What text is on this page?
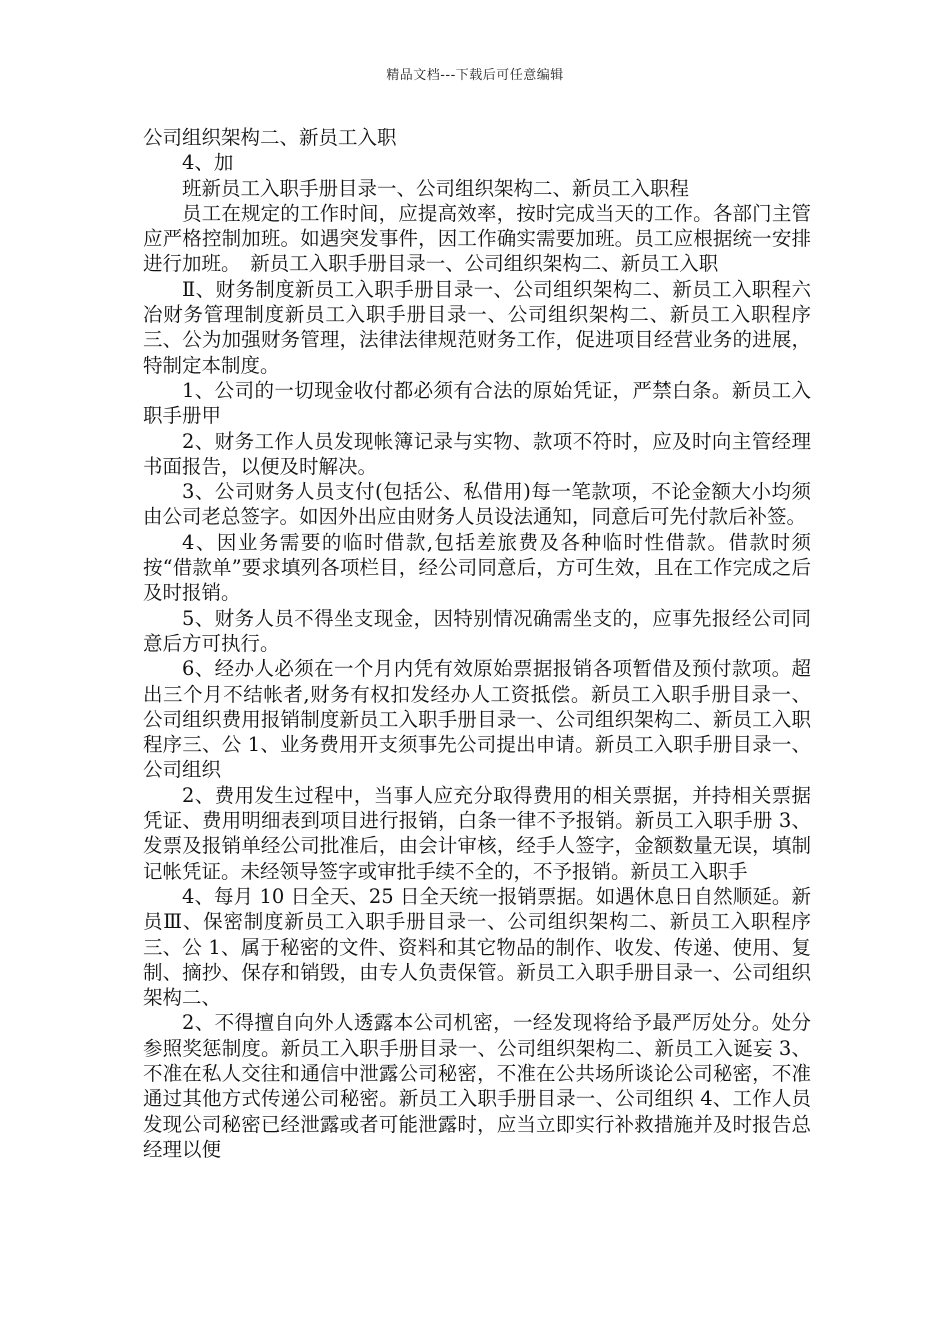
精品文档---下载后可任意编辑

公司组织架构二、新员工入职

4、加

班新员工入职手册目录一、公司组织架构二、新员工入职程

员工在规定的工作时间，应提高效率，按时完成当天的工作。各部门主管应严格控制加班。如遇突发事件，因工作确实需要加班。员工应根据统一安排进行加班。　新员工入职手册目录一、公司组织架构二、新员工入职

Ⅱ、财务制度新员工入职手册目录一、公司组织架构二、新员工入职程六冶财务管理制度新员工入职手册目录一、公司组织架构二、新员工入职程序三、公为加强财务管理，法律法律规范财务工作，促进项目经营业务的进展，特制定本制度。

1、公司的一切现金收付都必须有合法的原始凭证，严禁白条。新员工入职手册甲

2、财务工作人员发现帐簿记录与实物、款项不符时，应及时向主管经理书面报告，以便及时解决。

3、公司财务人员支付(包括公、私借用)每一笔款项，不论金额大小均须由公司老总签字。如因外出应由财务人员设法通知，同意后可先付款后补签。

4、因业务需要的临时借款,包括差旅费及各种临时性借款。借款时须按“借款单”要求填列各项栏目，经公司同意后，方可生效，且在工作完成之后及时报销。

5、财务人员不得坐支现金，因特别情况确需坐支的，应事先报经公司同意后方可执行。

6、经办人必须在一个月内凭有效原始票据报销各项暂借及预付款项。超出三个月不结帐者,财务有权扣发经办人工资抵偿。新员工入职手册目录一、公司组织费用报销制度新员工入职手册目录一、公司组织架构二、新员工入职程序三、公 1、业务费用开支须事先公司提出申请。新员工入职手册目录一、公司组织

2、费用发生过程中，当事人应充分取得费用的相关票据，并持相关票据凭证、费用明细表到项目进行报销，白条一律不予报销。新员工入职手册 3、发票及报销单经公司批准后，由会计审核，经手人签字，金额数量无误，填制记帐凭证。未经领导签字或审批手续不全的，不予报销。新员工入职手

4、每月 10 日全天、25 日全天统一报销票据。如遇休息日自然顺延。新员Ⅲ、保密制度新员工入职手册目录一、公司组织架构二、新员工入职程序三、公 1、属于秘密的文件、资料和其它物品的制作、收发、传递、使用、复制、摘抄、保存和销毁，由专人负责保管。新员工入职手册目录一、公司组织架构二、

2、不得擅自向外人透露本公司机密，一经发现将给予最严厉处分。处分参照奖惩制度。新员工入职手册目录一、公司组织架构二、新员工入诞妄 3、不准在私人交往和通信中泄露公司秘密，不准在公共场所谈论公司秘密，不准通过其他方式传递公司秘密。新员工入职手册目录一、公司组织 4、工作人员发现公司秘密已经泄露或者可能泄露时，应当立即实行补救措施并及时报告总经理以便
